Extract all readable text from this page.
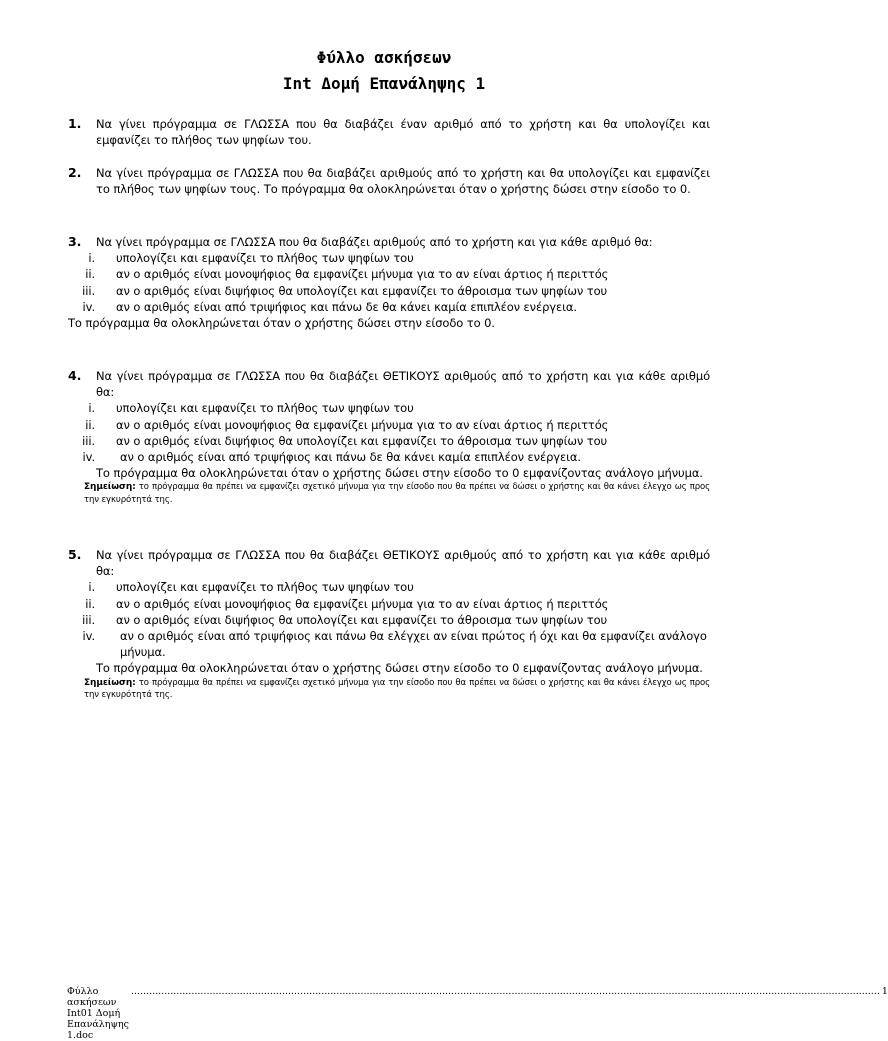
Φύλλο ασκήσεων
Int Δομή Επανάληψης 1
1. Να γίνει πρόγραμμα σε ΓΛΩΣΣΑ που θα διαβάζει έναν αριθμό από το χρήστη και θα υπολογίζει και εμφανίζει το πλήθος των ψηφίων του.
2. Να γίνει πρόγραμμα σε ΓΛΩΣΣΑ που θα διαβάζει αριθμούς από το χρήστη και θα υπολογίζει και εμφανίζει το πλήθος των ψηφίων τους. Το πρόγραμμα θα ολοκληρώνεται όταν ο χρήστης δώσει στην είσοδο το 0.
3. Να γίνει πρόγραμμα σε ΓΛΩΣΣΑ που θα διαβάζει αριθμούς από το χρήστη και για κάθε αριθμό θα:
i. υπολογίζει και εμφανίζει το πλήθος των ψηφίων του
ii. αν ο αριθμός είναι μονοψήφιος θα εμφανίζει μήνυμα για το αν είναι άρτιος ή περιττός
iii. αν ο αριθμός είναι διψήφιος θα υπολογίζει και εμφανίζει το άθροισμα των ψηφίων του
iv. αν ο αριθμός είναι από τριψήφιος και πάνω δε θα κάνει καμία επιπλέον ενέργεια.
Το πρόγραμμα θα ολοκληρώνεται όταν ο χρήστης δώσει στην είσοδο το 0.
4. Να γίνει πρόγραμμα σε ΓΛΩΣΣΑ που θα διαβάζει ΘΕΤΙΚΟΥΣ αριθμούς από το χρήστη και για κάθε αριθμό θα:
i. υπολογίζει και εμφανίζει το πλήθος των ψηφίων του
ii. αν ο αριθμός είναι μονοψήφιος θα εμφανίζει μήνυμα για το αν είναι άρτιος ή περιττός
iii. αν ο αριθμός είναι διψήφιος θα υπολογίζει και εμφανίζει το άθροισμα των ψηφίων του
iv. αν ο αριθμός είναι από τριψήφιος και πάνω δε θα κάνει καμία επιπλέον ενέργεια.
Το πρόγραμμα θα ολοκληρώνεται όταν ο χρήστης δώσει στην είσοδο το 0 εμφανίζοντας ανάλογο μήνυμα.
Σημείωση: το πρόγραμμα θα πρέπει να εμφανίζει σχετικό μήνυμα για την είσοδο που θα πρέπει να δώσει ο χρήστης και θα κάνει έλεγχο ως προς την εγκυρότητά της.
5. Να γίνει πρόγραμμα σε ΓΛΩΣΣΑ που θα διαβάζει ΘΕΤΙΚΟΥΣ αριθμούς από το χρήστη και για κάθε αριθμό θα:
i. υπολογίζει και εμφανίζει το πλήθος των ψηφίων του
ii. αν ο αριθμός είναι μονοψήφιος θα εμφανίζει μήνυμα για το αν είναι άρτιος ή περιττός
iii. αν ο αριθμός είναι διψήφιος θα υπολογίζει και εμφανίζει το άθροισμα των ψηφίων του
iv. αν ο αριθμός είναι από τριψήφιος και πάνω θα ελέγχει αν είναι πρώτος ή όχι και θα εμφανίζει ανάλογο μήνυμα.
Το πρόγραμμα θα ολοκληρώνεται όταν ο χρήστης δώσει στην είσοδο το 0 εμφανίζοντας ανάλογο μήνυμα.
Σημείωση: το πρόγραμμα θα πρέπει να εμφανίζει σχετικό μήνυμα για την είσοδο που θα πρέπει να δώσει ο χρήστης και θα κάνει έλεγχο ως προς την εγκυρότητά της.
Φύλλο ασκήσεων Int01 Δομή Επανάληψης 1.doc
........................................................................................................................................................................................................................................................ 1
